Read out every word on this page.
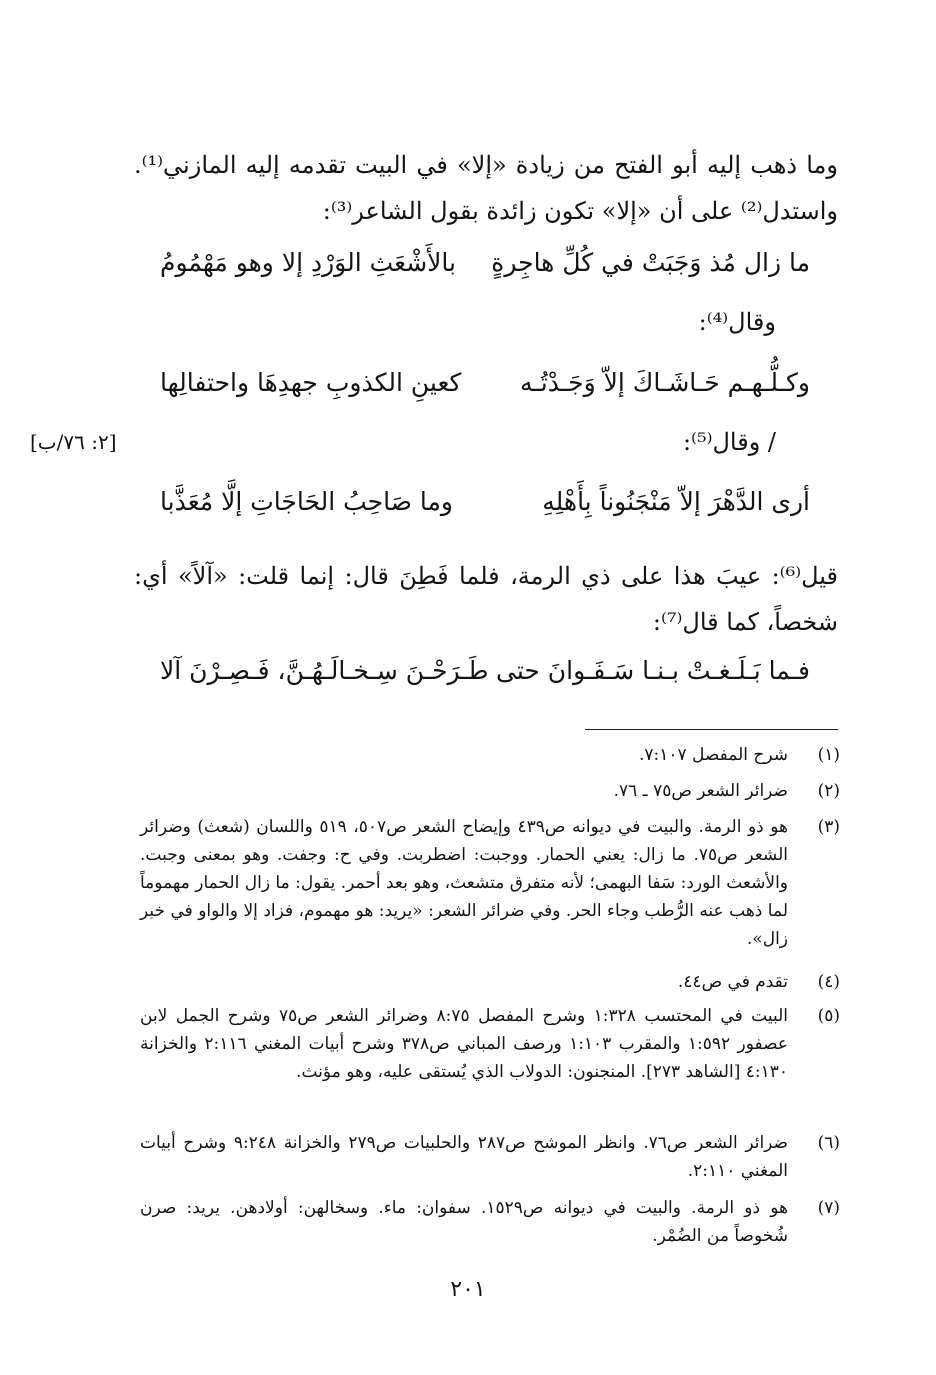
وما ذهب إليه أبو الفتح من زيادة «إلا» في البيت تقدمه إليه المازني⁽¹⁾. واستدل⁽²⁾ على أن «إلا» تكون زائدة بقول الشاعر⁽³⁾:
ما زال مُذ وَجَبَتْ في كُلِّ هاجِرةٍ
بالأَشْعَثِ الوَرْدِ إلا وهو مَهْمُومُ
وقال⁽⁴⁾:
وكـلُّـهـم حَـاشَـاكَ إلاّ وَجَـدْتُـه
كعينِ الكذوبِ جهدِهَا واحتفالِها
/ وقال⁽⁵⁾:
[٢: ٧٦/ب]
أرى الدَّهْرَ إلاّ مَنْجَنُوناً بِأَهْلِهِ
وما صَاحِبُ الحَاجَاتِ إلَّا مُعَذَّبا
قيل⁽⁶⁾: عيبَ هذا على ذي الرمة، فلما فَطِنَ قال: إنما قلت: «آلاً» أي: شخصاً، كما قال⁽⁷⁾:
فـما بَـلَـغـتْ بـنـا سَـفَـوانَ حتى
طَـرَحْـنَ سِـخـالَـهُـنَّ، فَـصِـرْنَ آلا
(١)
شرح المفصل ٧:١٠٧.
(٢)
ضرائر الشعر ص٧٥ ـ ٧٦.
(٣)
هو ذو الرمة. والبيت في ديوانه ص٤٣٩ وإيضاح الشعر ص٥٠٧، ٥١٩ واللسان (شعث) وضرائر الشعر ص٧٥. ما زال: يعني الحمار. ووجبت: اضطربت. وفي ح: وجفت. وهو بمعنى وجبت. والأشعث الورد: سَفا البهمى؛ لأنه متفرق متشعث، وهو بعد أحمر. يقول: ما زال الحمار مهموماً لما ذهب عنه الرُّطب وجاء الحر. وفي ضرائر الشعر: «يريد: هو مهموم، فزاد إلا والواو في خبر زال».
(٤)
تقدم في ص٤٤.
(٥)
البيت في المحتسب ١:٣٢٨ وشرح المفصل ٨:٧٥ وضرائر الشعر ص٧٥ وشرح الجمل لابن عصفور ١:٥٩٢ والمقرب ١:١٠٣ ورصف المباني ص٣٧٨ وشرح أبيات المغني ٢:١١٦ والخزانة ٤:١٣٠ [الشاهد ٢٧٣]. المنجنون: الدولاب الذي يُستقى عليه، وهو مؤنث.
(٦)
ضرائر الشعر ص٧٦. وانظر الموشح ص٢٨٧ والحلبيات ص٢٧٩ والخزانة ٩:٢٤٨ وشرح أبيات المغني ٢:١١٠.
(٧)
هو ذو الرمة. والبيت في ديوانه ص١٥٢٩. سفوان: ماء. وسخالهن: أولادهن. يريد: صرن شُخوصاً من الضُمْر.
٢٠١
